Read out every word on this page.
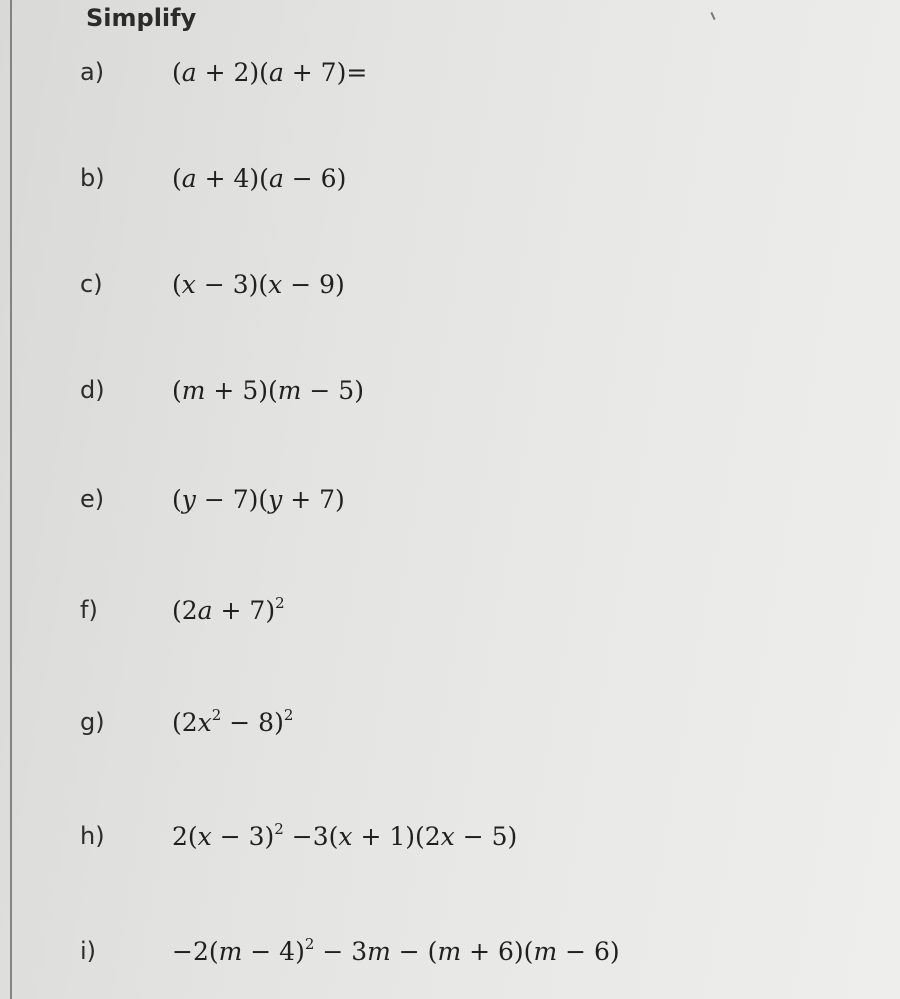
Simplify
a)	(a + 2)(a + 7)=
b)	(a + 4)(a − 6)
c)	(x − 3)(x − 9)
d)	(m + 5)(m − 5)
e)	(y − 7)(y + 7)
f)	$(2a + 7)^2$
g)	$(2x^2 - 8)^2$
h)	$2(x - 3)^2 -3(x + 1)(2x - 5)$
i)	$-2(m - 4)^2 - 3m - (m + 6)(m - 6)$
